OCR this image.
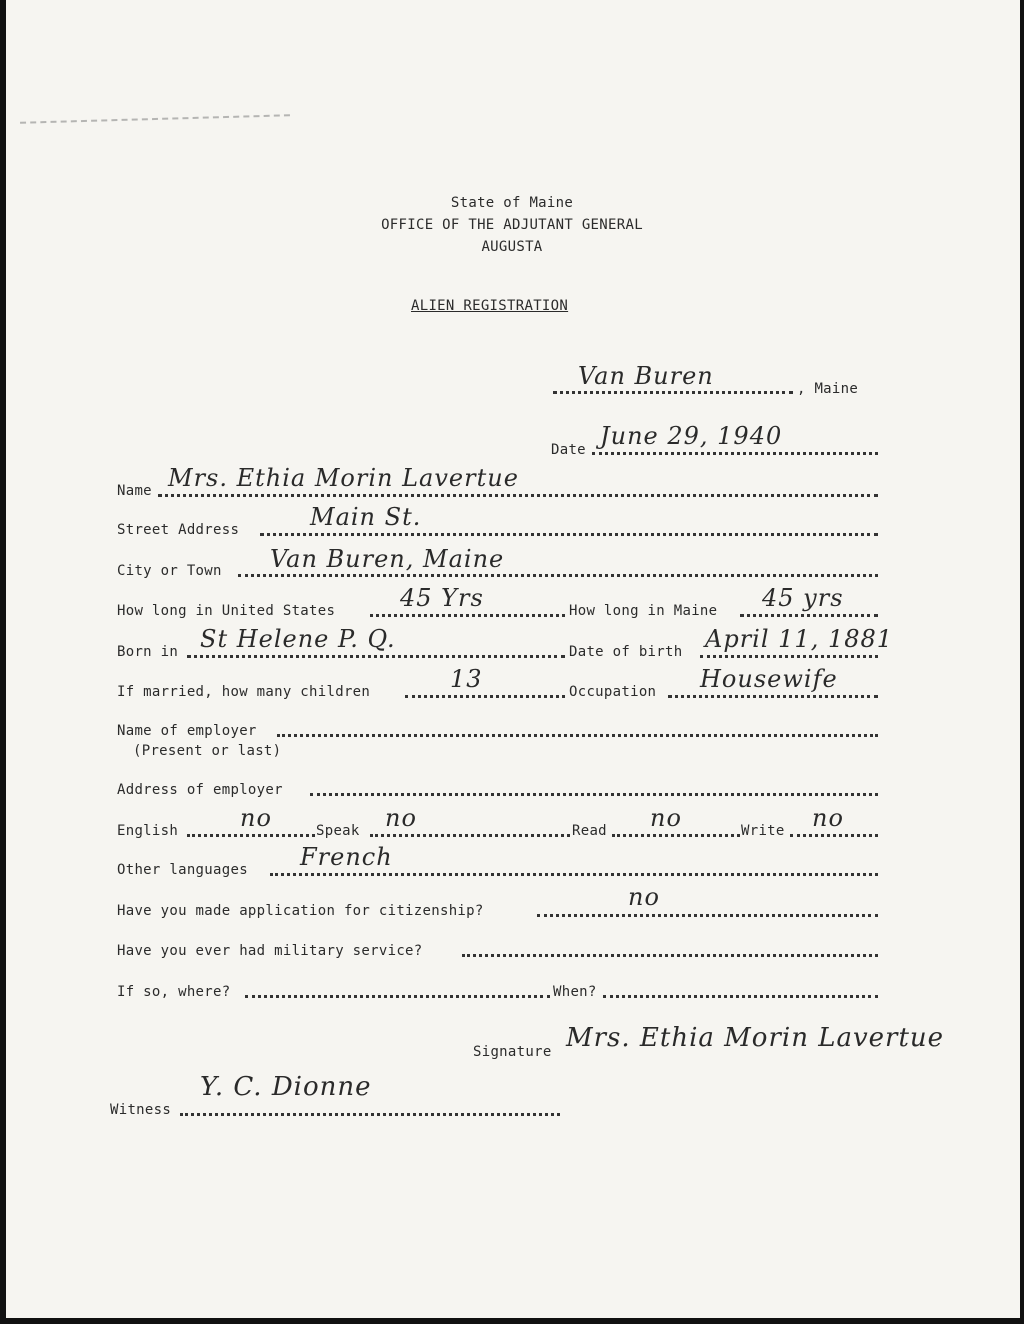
State of Maine
OFFICE OF THE ADJUTANT GENERAL
AUGUSTA
ALIEN REGISTRATION
Van Buren	, Maine
Date June 29, 1940
Name Mrs. Ethia Morin Lavertue
Street Address	Main St.
City or Town Van Buren, Maine
How long in United States	45 Yrs	How long in Maine 45 yrs
Born in St Helene P. Q.	Date of birth April 11, 1881
If married, how many children	13	Occupation Housewife
Name of employer
(Present or last)
Address of employer
English	no	Speak no	Read no	Write no
Other languages French
Have you made application for citizenship?	no
Have you ever had military service?
If so, where?	When?
Signature Mrs. Ethia Morin Lavertue
Witness
Y. C. Dionne
